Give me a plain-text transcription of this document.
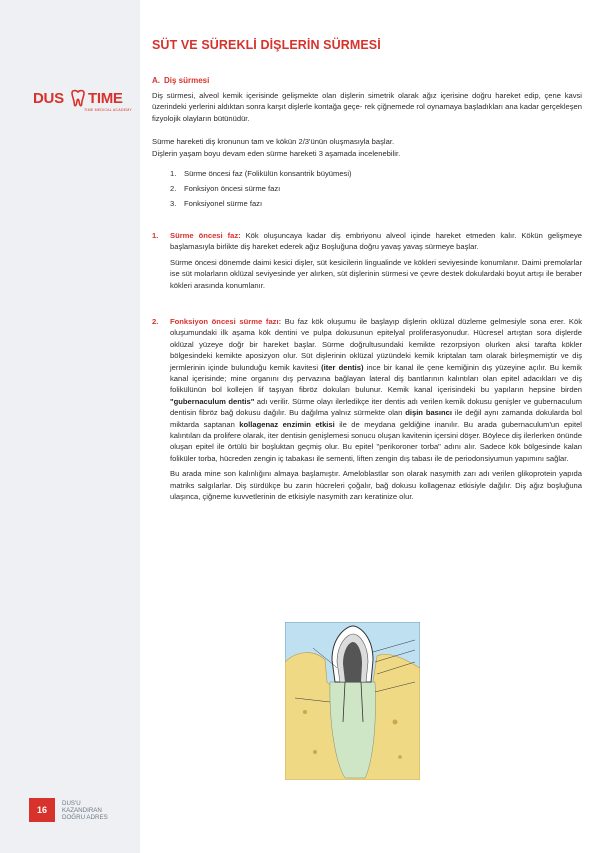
DUS TIME
TIME MEDICAL ACADEMY
16
DUS'U
KAZANDIRAN
DOĞRU ADRES
SÜT VE SÜREKLİ DİŞLERİN SÜRMESİ
A. Diş sürmesi

Diş sürmesi, alveol kemik içerisinde gelişmekte olan dişlerin simetrik olarak ağız içerisine doğru hareket edip, çene kavsi üzerindeki yerlerini aldıktan sonra karşıt dişlerle kontağa geçe- rek çiğnemede rol oynamaya başladıkları ana kadar gerçekleşen fizyolojik olayların bütünüdür.

Sürme hareketi diş kronunun tam ve kökün 2/3'ünün oluşmasıyla başlar.

Dişlerin yaşam boyu devam eden sürme hareketi 3 aşamada incelenebilir.

1. Sürme öncesi faz (Folikülün konsantrik büyümesi)
2. Fonksiyon öncesi sürme fazı
3. Fonksiyonel sürme fazı
1. Sürme öncesi faz: Kök oluşuncaya kadar diş embriyonu alveol içinde hareket etmeden kalır. Kökün gelişmeye başlamasıyla birlikte diş hareket ederek ağız Boşluğuna doğru yavaş yavaş sürmeye başlar.

Sürme öncesi dönemde daimi kesici dişler, süt kesicilerin lingualinde ve kökleri seviyesinde konumlanır. Daimi premolarlar ise süt molarların oklüzal seviyesinde yer alırken, süt dişlerinin sürmesi ve çevre destek dokulardaki boyut artışı ile beraber kökleri arasında konumlanır.

2. Fonksiyon öncesi sürme fazı: Bu faz kök oluşumu ile başlayıp dişlerin oklüzal düzleme gelmesiyle sona erer. Kök oluşumundaki ilk aşama kök dentini ve pulpa dokusunun epitelyal proliferasyonudur. Hücresel artıştan sora dişlerde oklüzal yüzeye doğr bir hareket başlar. Sürme doğrultusundaki kemikte rezorpsiyon olurken aksi tarafta kökler bölgesindeki kemikte aposizyon olur. Süt dişlerinin oklüzal yüzündeki kemik kriptalan tam olarak birleşmemiştir ve diş jermlerinin içinde bulunduğu kemik kavitesi (iter dentis) ince bir kanal ile çene kemiğinin dış yüzeyine açılır. Bu kemik kanal içerisinde; mine organını dış pervazına bağlayan lateral diş bantlarının kalıntıları olan epitel adacıkları ve diş folikülünün bol kollejen lif taşıyan fibröz dokuları bulunur. Kemik kanal içerisindeki bu yapıların hepsine birden "gubernaculum dentis" adı verilir. Sürme olayı ilerledikçe iter dentis adı verilen kemik dokusu genişler ve gubernaculum dentisin fibröz bağ dokusu dağılır. Bu dağılma yalnız sürmekte olan dişin basıncı ile değil aynı zamanda dokularda bol miktarda saptanan kollagenaz enzimin etkisi ile de meydana geldiğine inanılır. Bu arada gubernaculum'un epitel kalıntıları da prolifere olarak, iter dentisin genişlemesi sonucu oluşan kavitenin içersini döşer. Böylece diş ilerlerken önünde oluşan epitel ile örtülü bir boşluktan geçmiş olur. Bu epitel "perikoroner torba" adını alır. Sadece kök bölgesinde kalan foliküler torba, hücreden zengin iç tabakası ile sementi, liften zengin dış tabası ile de periodonsiyumun yapımını sağlar.

Bu arada mine son kalınlığını almaya başlamıştır. Ameloblastlar son olarak nasymith zarı adı verilen glikoprotein yapıda matriks salgılarlar. Diş sürdükçe bu zarın hücreleri çoğalır, bağ dokusu kollagenaz etkisiyle dağılır. Diş ağız boşluğuna ulaşınca, çiğneme kuvvetlerinin de etkisiyle nasymith zarı keratinize olur.
